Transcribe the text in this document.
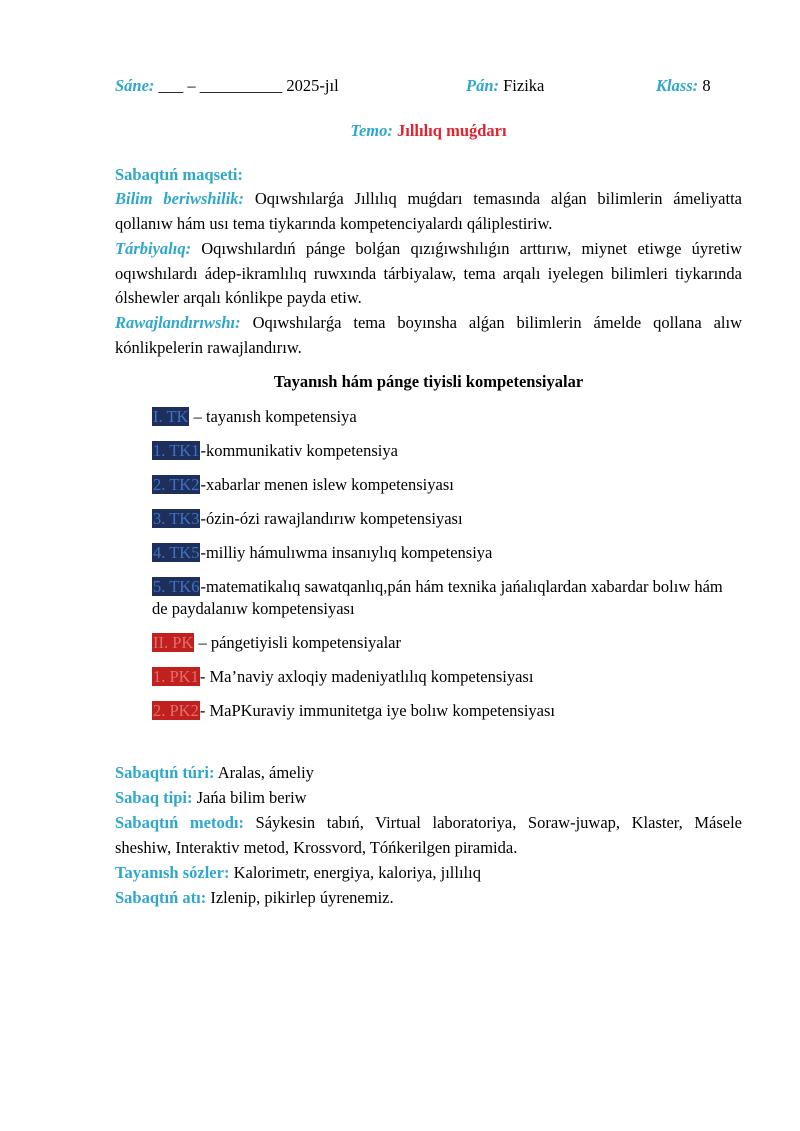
Sáne: ___ – __________ 2025-jıl	Pán: Fizika	Klass: 8
Temo: Jıllılıq muǵdarı
Sabaqtıń maqseti:
Bilim beriwshilik: Oqıwshılarǵa Jıllılıq muǵdarı temasında alǵan bilimlerin ámeliyatta qollanıw hám usı tema tiykarında kompetenciyalardı qáliplestiriw.
Tárbiyalıq: Oqıwshılardıń pánge bolǵan qızıǵıwshılıǵın arttırıw, miynet etiwge úyretiw oqıwshılardı ádep-ikramlılıq ruwxında tárbiyalaw, tema arqalı iyelegen bilimleri tiykarında ólshewler arqalı kónlikpe payda etiw.
Rawajlandırıwshı: Oqıwshılarǵa tema boyınsha alǵan bilimlerin ámelde qollana alıw kónlikpelerin rawajlandırıw.
Tayanısh hám pánge tiyisli kompetensiyalar
I. TK – tayanısh kompetensiya
1. TK1-kommunikativ kompetensiya
2. TK2-xabarlar menen islew kompetensiyası
3. TK3-ózin-ózi rawajlandırıw kompetensiyası
4. TK5-milliy hámulıwma insanıylıq kompetensiya
5. TK6-matematikalıq sawatqanlıq,pán hám texnika jańalıqlardan xabardar bolıw hám de paydalanıw kompetensiyası
II. PK – pángetiyisli kompetensiyalar
1. PK1- Ma’naviy axloqiy madeniyatlılıq kompetensiyası
2. PK2- MaPKuraviy immunitetga iye bolıw kompetensiyası
Sabaqtıń túri: Aralas, ámeliy
Sabaq tipi: Jańa bilim beriw
Sabaqtıń metodı: Sáykesin tabıń, Virtual laboratoriya, Soraw-juwap, Klaster, Másele sheshiw, Interaktiv metod, Krossvord, Tóńkerilgen piramida.
Tayanısh sózler: Kalorimetr, energiya, kaloriya, jıllılıq
Sabaqtıń atı: Izlenip, pikirlep úyrenemiz.
